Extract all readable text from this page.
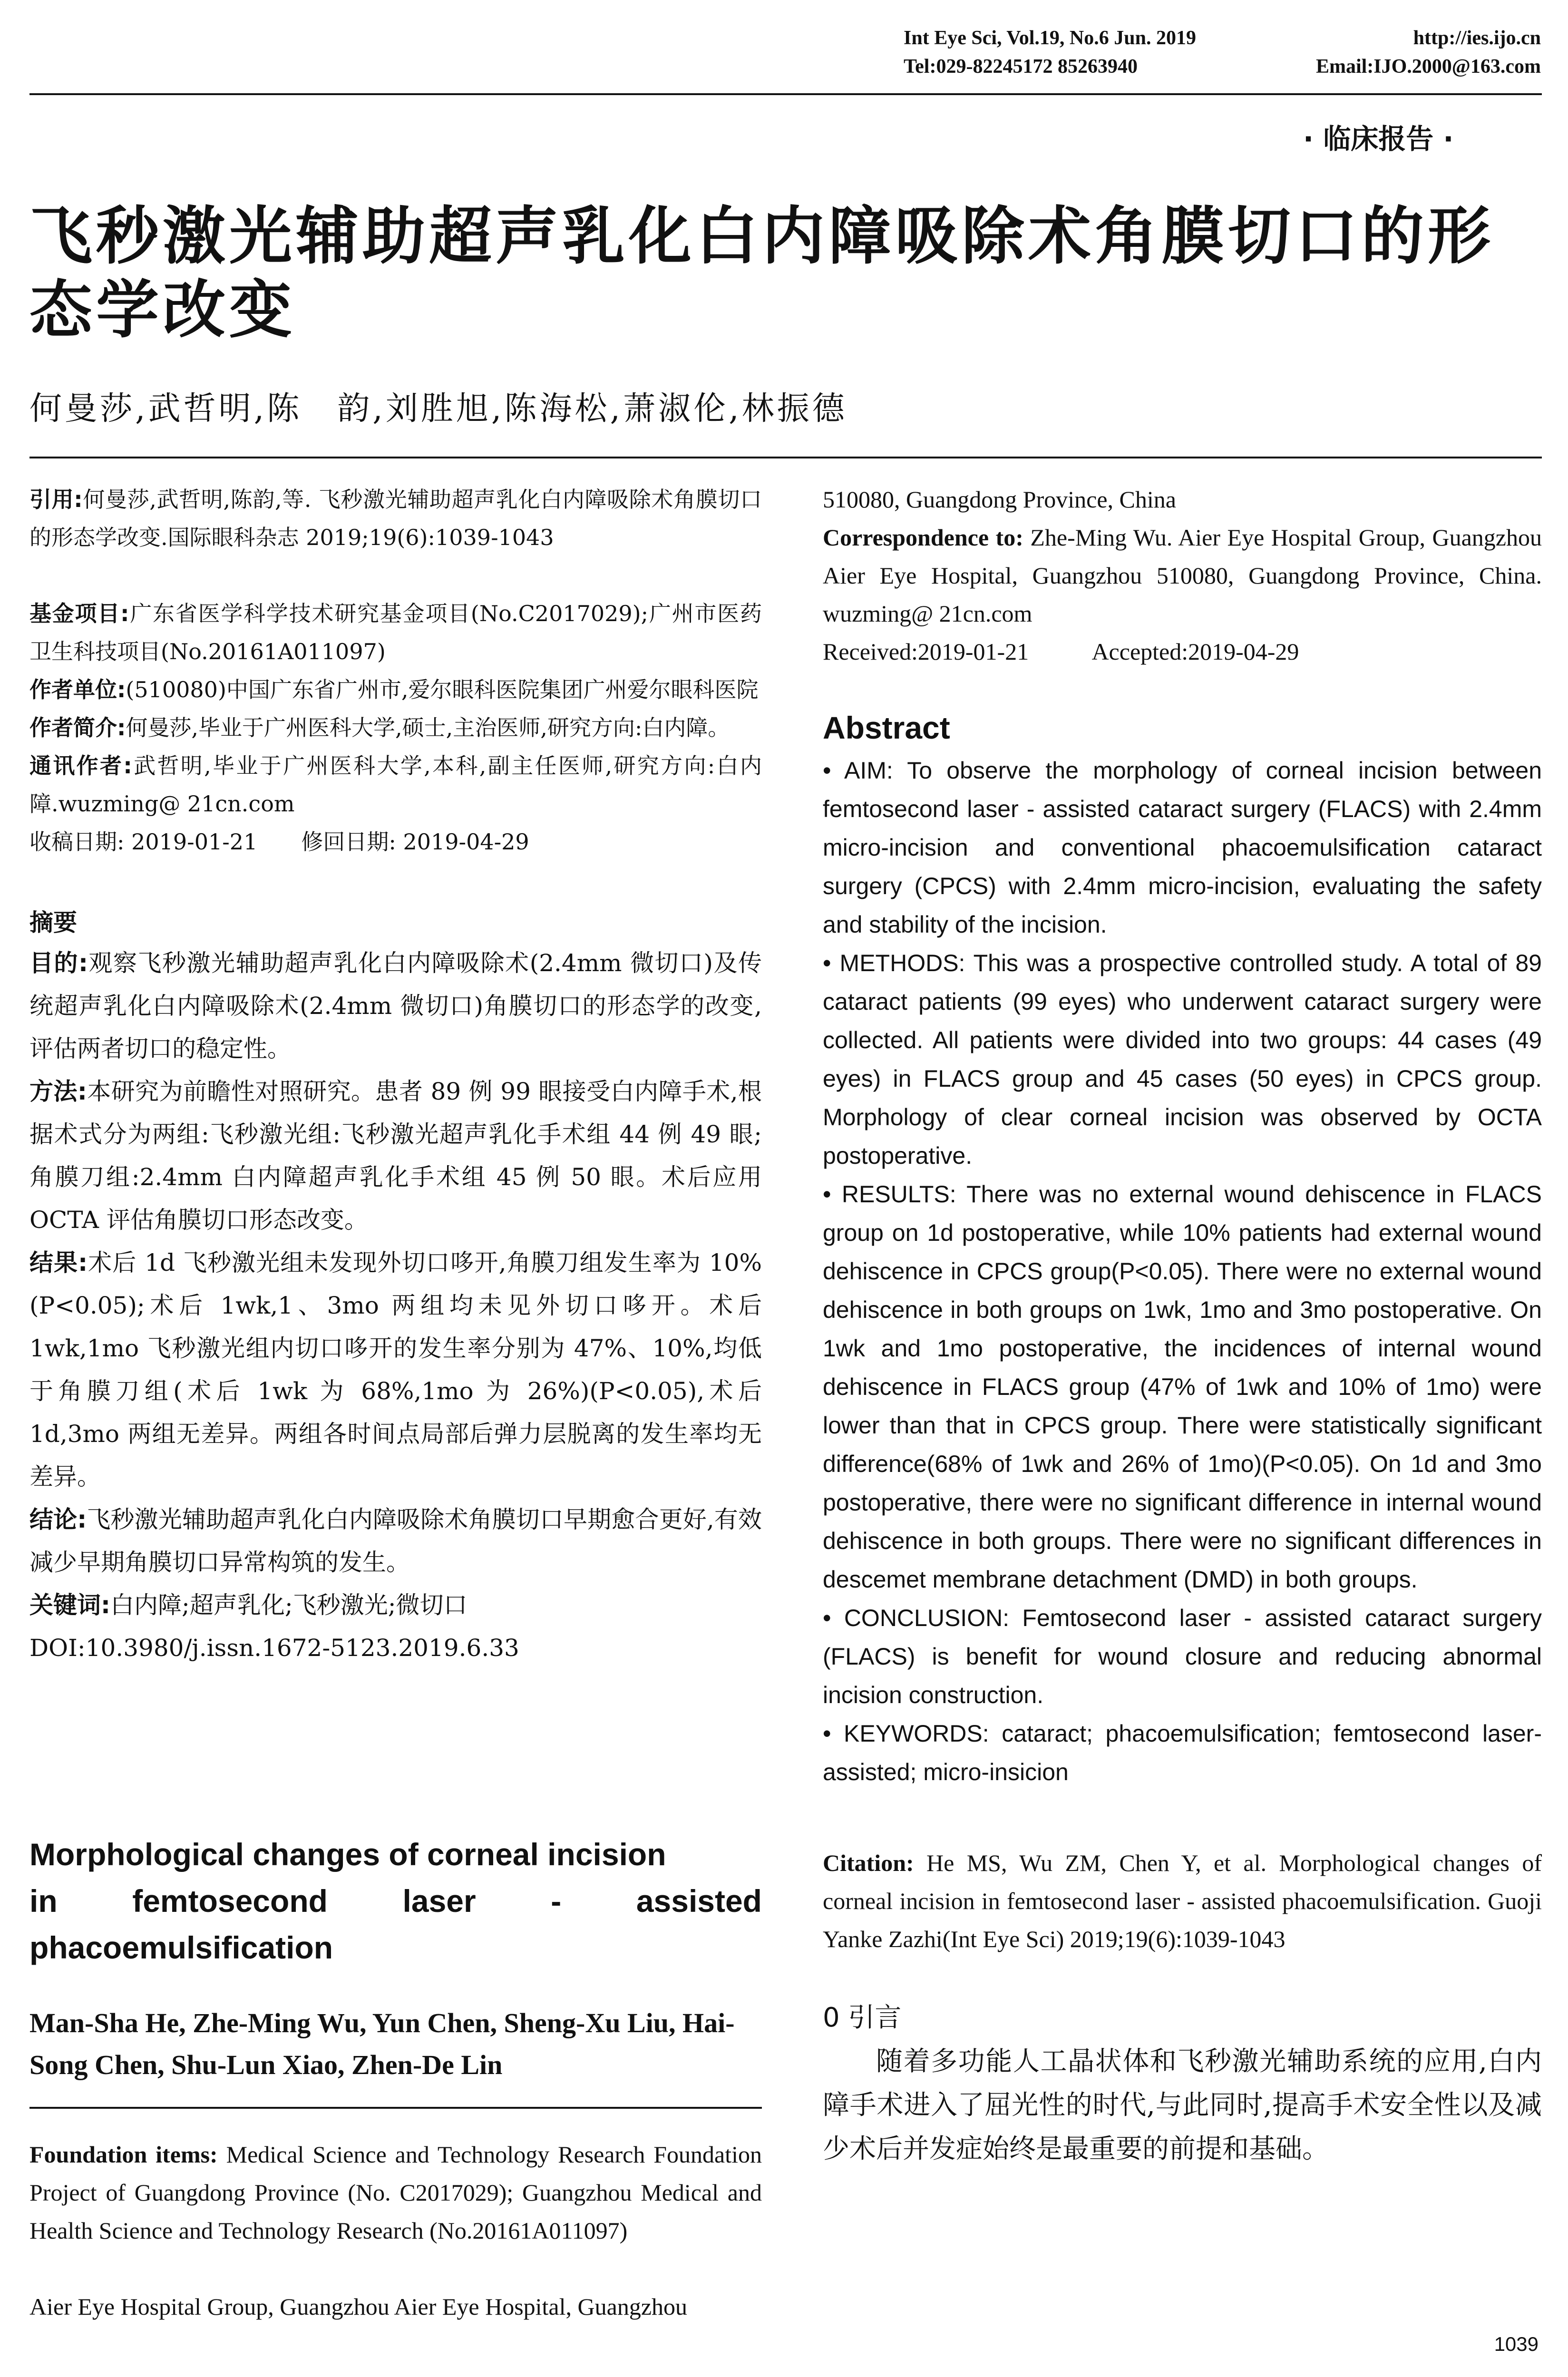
Int Eye Sci, Vol.19, No.6 Jun. 2019	http://ies.ijo.cn
Tel:029-82245172 85263940	Email:IJO.2000@163.com
· 临床报告 ·
飞秒激光辅助超声乳化白内障吸除术角膜切口的形态学改变
何曼莎,武哲明,陈　韵,刘胜旭,陈海松,萧淑伦,林振德
引用:何曼莎,武哲明,陈韵,等. 飞秒激光辅助超声乳化白内障吸除术角膜切口的形态学改变.国际眼科杂志 2019;19(6):1039-1043
基金项目:广东省医学科学技术研究基金项目(No.C2017029);广州市医药卫生科技项目(No.20161A011097)
作者单位:(510080)中国广东省广州市,爱尔眼科医院集团广州爱尔眼科医院
作者简介:何曼莎,毕业于广州医科大学,硕士,主治医师,研究方向:白内障。
通讯作者:武哲明,毕业于广州医科大学,本科,副主任医师,研究方向:白内障.wuzming@ 21cn.com
收稿日期: 2019-01-21　　修回日期: 2019-04-29
摘要
目的:观察飞秒激光辅助超声乳化白内障吸除术(2.4mm 微切口)及传统超声乳化白内障吸除术(2.4mm 微切口)角膜切口的形态学的改变,评估两者切口的稳定性。
方法:本研究为前瞻性对照研究。患者 89 例 99 眼接受白内障手术,根据术式分为两组:飞秒激光组:飞秒激光超声乳化手术组 44 例 49 眼;角膜刀组:2.4mm 白内障超声乳化手术组 45 例 50 眼。术后应用 OCTA 评估角膜切口形态改变。
结果:术后 1d 飞秒激光组未发现外切口哆开,角膜刀组发生率为 10%(P<0.05);术后 1wk,1、3mo 两组均未见外切口哆开。术后 1wk,1mo 飞秒激光组内切口哆开的发生率分别为 47%、10%,均低于角膜刀组(术后 1wk 为 68%,1mo 为 26%)(P<0.05),术后 1d,3mo 两组无差异。两组各时间点局部后弹力层脱离的发生率均无差异。
结论:飞秒激光辅助超声乳化白内障吸除术角膜切口早期愈合更好,有效减少早期角膜切口异常构筑的发生。
关键词:白内障;超声乳化;飞秒激光;微切口
DOI:10.3980/j.issn.1672-5123.2019.6.33
Morphological changes of corneal incision
in femtosecond laser - assisted
phacoemulsification
Man-Sha He, Zhe-Ming Wu, Yun Chen, Sheng-Xu Liu, Hai-Song Chen, Shu-Lun Xiao, Zhen-De Lin
Foundation items: Medical Science and Technology Research Foundation Project of Guangdong Province (No. C2017029); Guangzhou Medical and Health Science and Technology Research (No.20161A011097)
Aier Eye Hospital Group, Guangzhou Aier Eye Hospital, Guangzhou
510080, Guangdong Province, China
Correspondence to: Zhe-Ming Wu. Aier Eye Hospital Group, Guangzhou Aier Eye Hospital, Guangzhou 510080, Guangdong Province, China. wuzming@ 21cn.com
Received:2019-01-21	Accepted:2019-04-29
Abstract
• AIM: To observe the morphology of corneal incision between femtosecond laser - assisted cataract surgery (FLACS) with 2.4mm micro-incision and conventional phacoemulsification cataract surgery (CPCS) with 2.4mm micro-incision, evaluating the safety and stability of the incision.
• METHODS: This was a prospective controlled study. A total of 89 cataract patients (99 eyes) who underwent cataract surgery were collected. All patients were divided into two groups: 44 cases (49 eyes) in FLACS group and 45 cases (50 eyes) in CPCS group. Morphology of clear corneal incision was observed by OCTA postoperative.
• RESULTS: There was no external wound dehiscence in FLACS group on 1d postoperative, while 10% patients had external wound dehiscence in CPCS group(P<0.05). There were no external wound dehiscence in both groups on 1wk, 1mo and 3mo postoperative. On 1wk and 1mo postoperative, the incidences of internal wound dehiscence in FLACS group (47% of 1wk and 10% of 1mo) were lower than that in CPCS group. There were statistically significant difference(68% of 1wk and 26% of 1mo)(P<0.05). On 1d and 3mo postoperative, there were no significant difference in internal wound dehiscence in both groups. There were no significant differences in descemet membrane detachment (DMD) in both groups.
• CONCLUSION: Femtosecond laser - assisted cataract surgery (FLACS) is benefit for wound closure and reducing abnormal incision construction.
• KEYWORDS: cataract; phacoemulsification; femtosecond laser-assisted; micro-insicion
Citation: He MS, Wu ZM, Chen Y, et al. Morphological changes of corneal incision in femtosecond laser - assisted phacoemulsification. Guoji Yanke Zazhi(Int Eye Sci) 2019;19(6):1039-1043
0 引言
随着多功能人工晶状体和飞秒激光辅助系统的应用,白内障手术进入了屈光性的时代,与此同时,提高手术安全性以及减少术后并发症始终是最重要的前提和基础。
1039
